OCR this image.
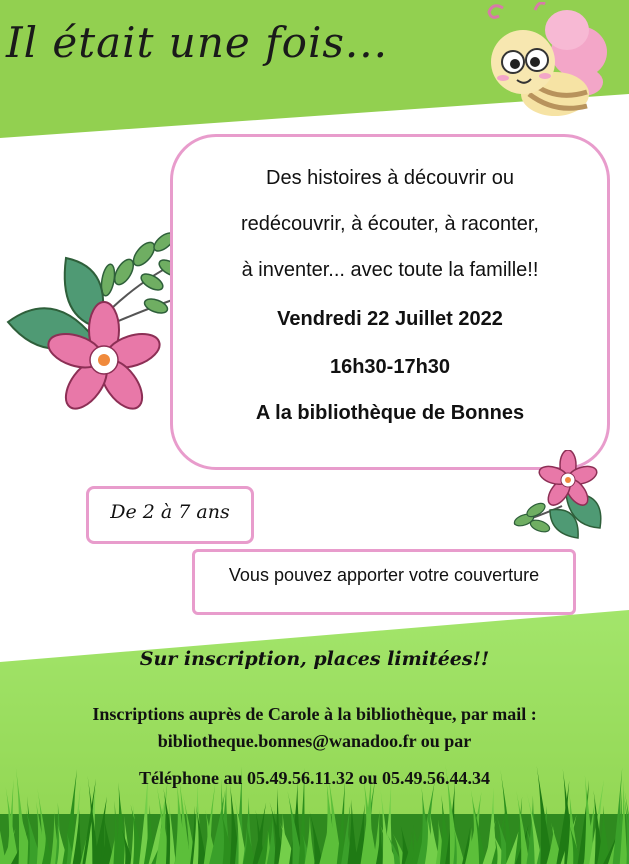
Il était une fois...
Des histoires à découvrir ou
redécouvrir, à écouter, à raconter,
à inventer... avec toute la famille!!
Vendredi 22 Juillet 2022
16h30-17h30
A la bibliothèque de Bonnes
De 2 à 7 ans
Vous pouvez apporter votre couverture
Sur inscription, places limitées!!
Inscriptions auprès de Carole à la bibliothèque, par mail :
bibliotheque.bonnes@wanadoo.fr ou par
Téléphone au 05.49.56.11.32 ou 05.49.56.44.34
